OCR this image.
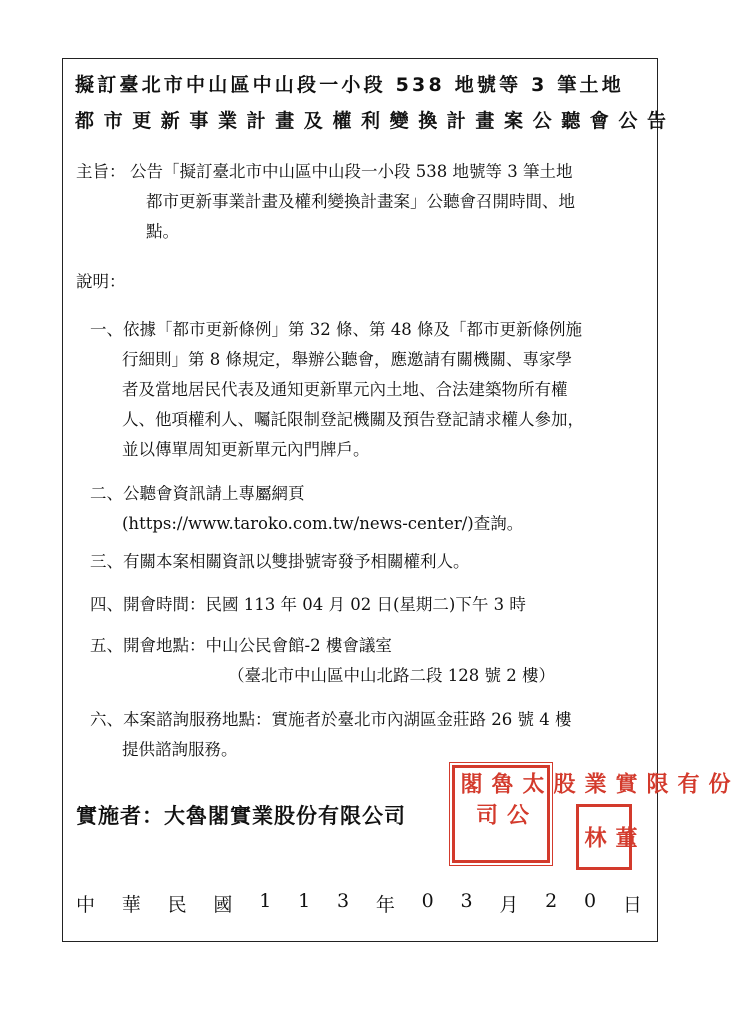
擬訂臺北市中山區中山段一小段 538 地號等 3 筆土地
都市更新事業計畫及權利變換計畫案公聽會公告
主旨： 公告「擬訂臺北市中山區中山段一小段 538 地號等 3 筆土地
都市更新事業計畫及權利變換計畫案」公聽會召開時間、地
點。
說明：
一、依據「都市更新條例」第 32 條、第 48 條及「都市更新條例施
行細則」第 8 條規定，舉辦公聽會，應邀請有關機關、專家學
者及當地居民代表及通知更新單元內土地、合法建築物所有權
人、他項權利人、囑託限制登記機關及預告登記請求權人參加，
並以傳單周知更新單元內門牌戶。
二、公聽會資訊請上專屬網頁
(https://www.taroko.com.tw/news-center/)查詢。
三、有關本案相關資訊以雙掛號寄發予相關權利人。
四、開會時間：民國 113 年 04 月 02 日(星期二)下午 3 時
五、開會地點：中山公民會館-2 樓會議室
（臺北市中山區中山北路二段 128 號 2 樓）
六、本案諮詢服務地點：實施者於臺北市內湖區金莊路 26 號 4 樓
提供諮詢服務。
實施者：大魯閣實業股份有限公司
太魯閣	實業股	份有限
公司
林 董
中 華 民 國 1 1 3 年 0 3 月 2 0 日
